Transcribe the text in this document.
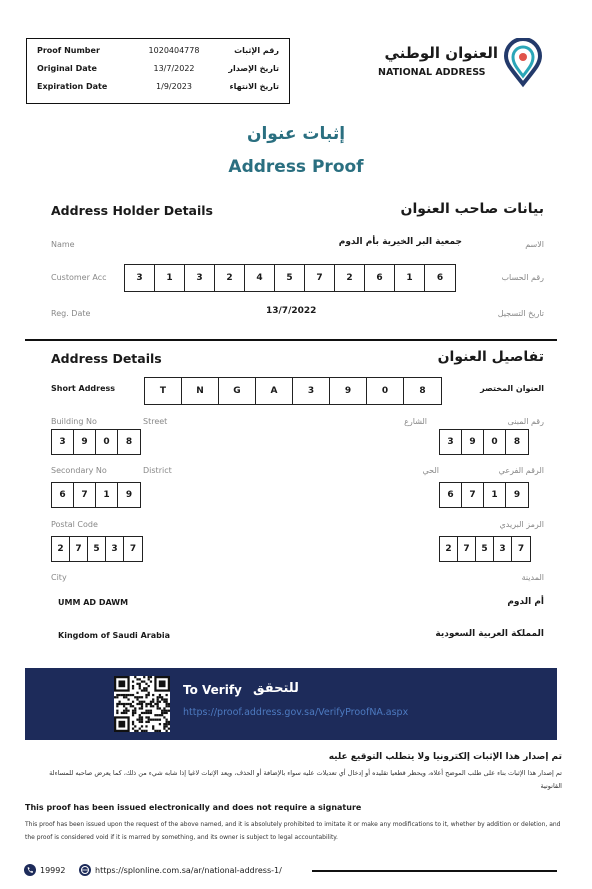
Proof Number	1020404778	رقم الإثبات
Original Date	13/7/2022	تاريخ الإصدار
Expiration Date	1/9/2023	تاريخ الانتهاء
العنوان الوطني
NATIONAL ADDRESS
إثبات عنوان
Address Proof
Address Holder Details	بيانات صاحب العنوان
Name	جمعية البر الخيرية بأم الدوم	الاسم
Customer Acc	3	1	3	2	4	5	7	2	6	1	6	رقم الحساب
Reg. Date	13/7/2022	تاريخ التسجيل
Address Details	تفاصيل العنوان
Short Address	T	N	G	A	3	9	0	8	العنوان المختصر
Building No	Street	الشارع	رقم المبنى
3	9	0	8	3	9	0	8
Secondary No	District	الحي	الرقم الفرعي
6	7	1	9	6	7	1	9
Postal Code	الرمز البريدي
2	7	5	3	7	2	7	5	3	7
City	المدينة
UMM AD DAWM	أم الدوم
Kingdom of Saudi Arabia	المملكة العربية السعودية
To Verify للتحقق
https://proof.address.gov.sa/VerifyProofNA.aspx
تم إصدار هذا الإثبات إلكترونيا ولا يتطلب التوقيع عليه
تم إصدار هذا الإثبات بناء على طلب الموضح أعلاه، ويحظر قطعيا تقليده أو إدخال أي تعديلات عليه سواء بالإضافة أو الحذف، ويعد الإثبات لاغيا إذا شابه شيء من ذلك، كما يعرض صاحبه للمساءلة القانونية
This proof has been issued electronically and does not require a signature
This proof has been issued upon the request of the above named, and it is absolutely prohibited to imitate it or make any modifications to it, whether by addition or deletion, and the proof is considered void if it is marred by something, and its owner is subject to legal accountability.
19992	https://splonline.com.sa/ar/national-address-1/
